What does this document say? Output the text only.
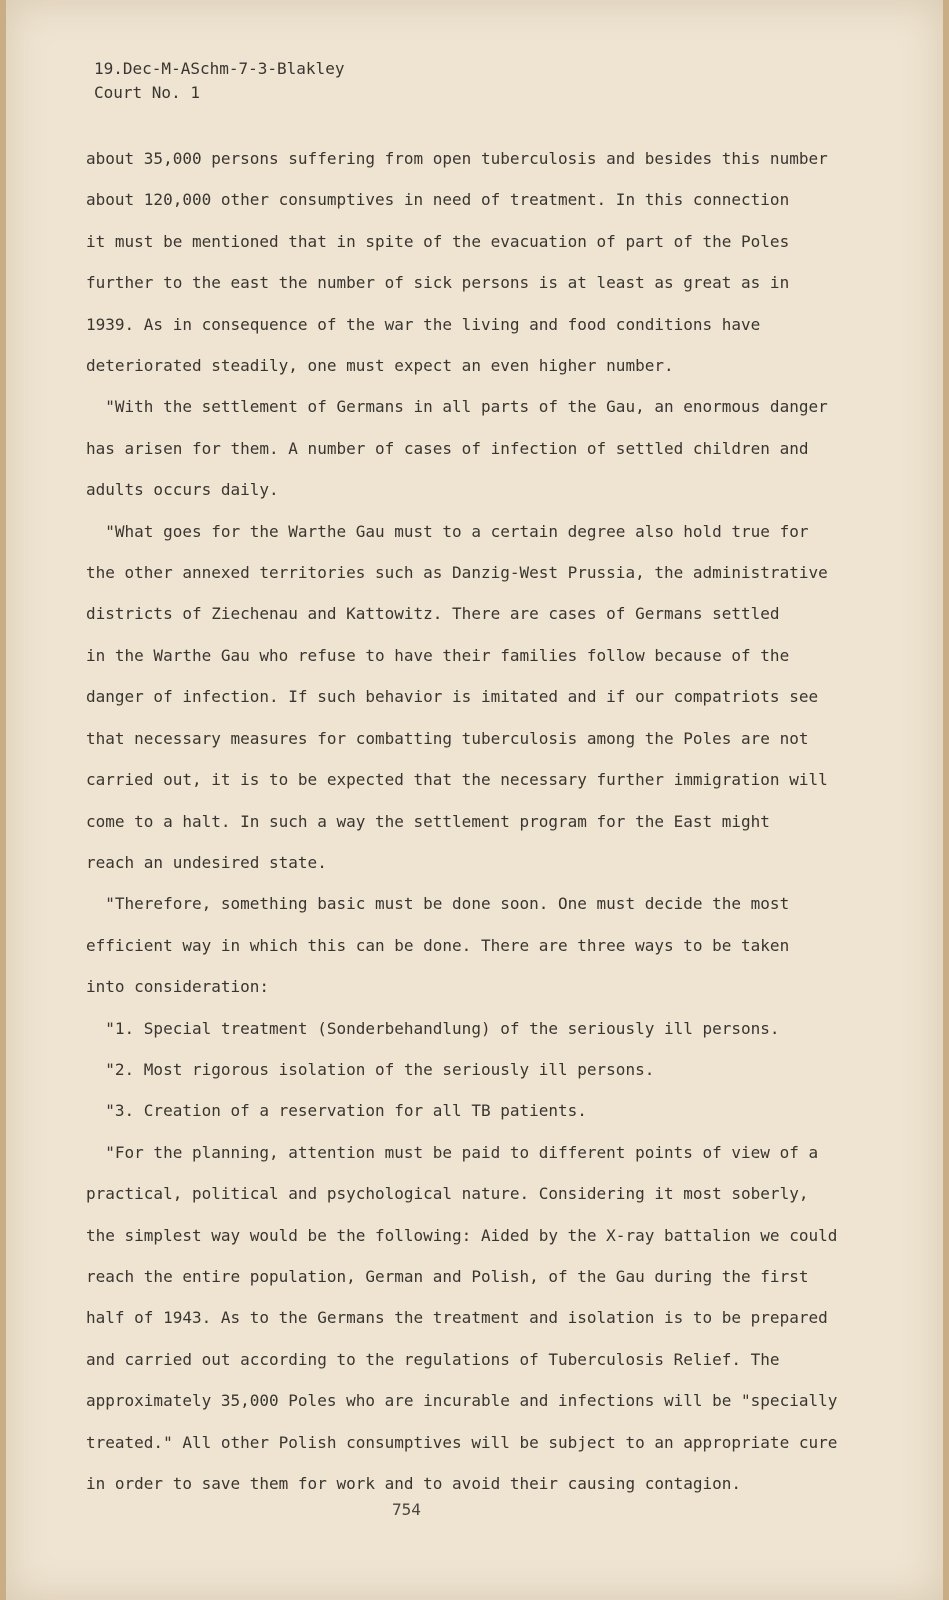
19.Dec-M-ASchm-7-3-Blakley
Court No. 1
about 35,000 persons suffering from open tuberculosis and besides this number
about 120,000 other consumptives in need of treatment. In this connection
it must be mentioned that in spite of the evacuation of part of the Poles
further to the east the number of sick persons is at least as great as in
1939. As in consequence of the war the living and food conditions have
deteriorated steadily, one must expect an even higher number.
"With the settlement of Germans in all parts of the Gau, an enormous danger
has arisen for them. A number of cases of infection of settled children and
adults occurs daily.
"What goes for the Warthe Gau must to a certain degree also hold true for
the other annexed territories such as Danzig-West Prussia, the administrative
districts of Ziechenau and Kattowitz. There are cases of Germans settled
in the Warthe Gau who refuse to have their families follow because of the
danger of infection. If such behavior is imitated and if our compatriots see
that necessary measures for combatting tuberculosis among the Poles are not
carried out, it is to be expected that the necessary further immigration will
come to a halt. In such a way the settlement program for the East might
reach an undesired state.
"Therefore, something basic must be done soon. One must decide the most
efficient way in which this can be done. There are three ways to be taken
into consideration:
"1. Special treatment (Sonderbehandlung) of the seriously ill persons.
"2. Most rigorous isolation of the seriously ill persons.
"3. Creation of a reservation for all TB patients.
"For the planning, attention must be paid to different points of view of a
practical, political and psychological nature. Considering it most soberly,
the simplest way would be the following: Aided by the X-ray battalion we could
reach the entire population, German and Polish, of the Gau during the first
half of 1943. As to the Germans the treatment and isolation is to be prepared
and carried out according to the regulations of Tuberculosis Relief. The
approximately 35,000 Poles who are incurable and infections will be "specially
treated." All other Polish consumptives will be subject to an appropriate cure
in order to save them for work and to avoid their causing contagion.
754
